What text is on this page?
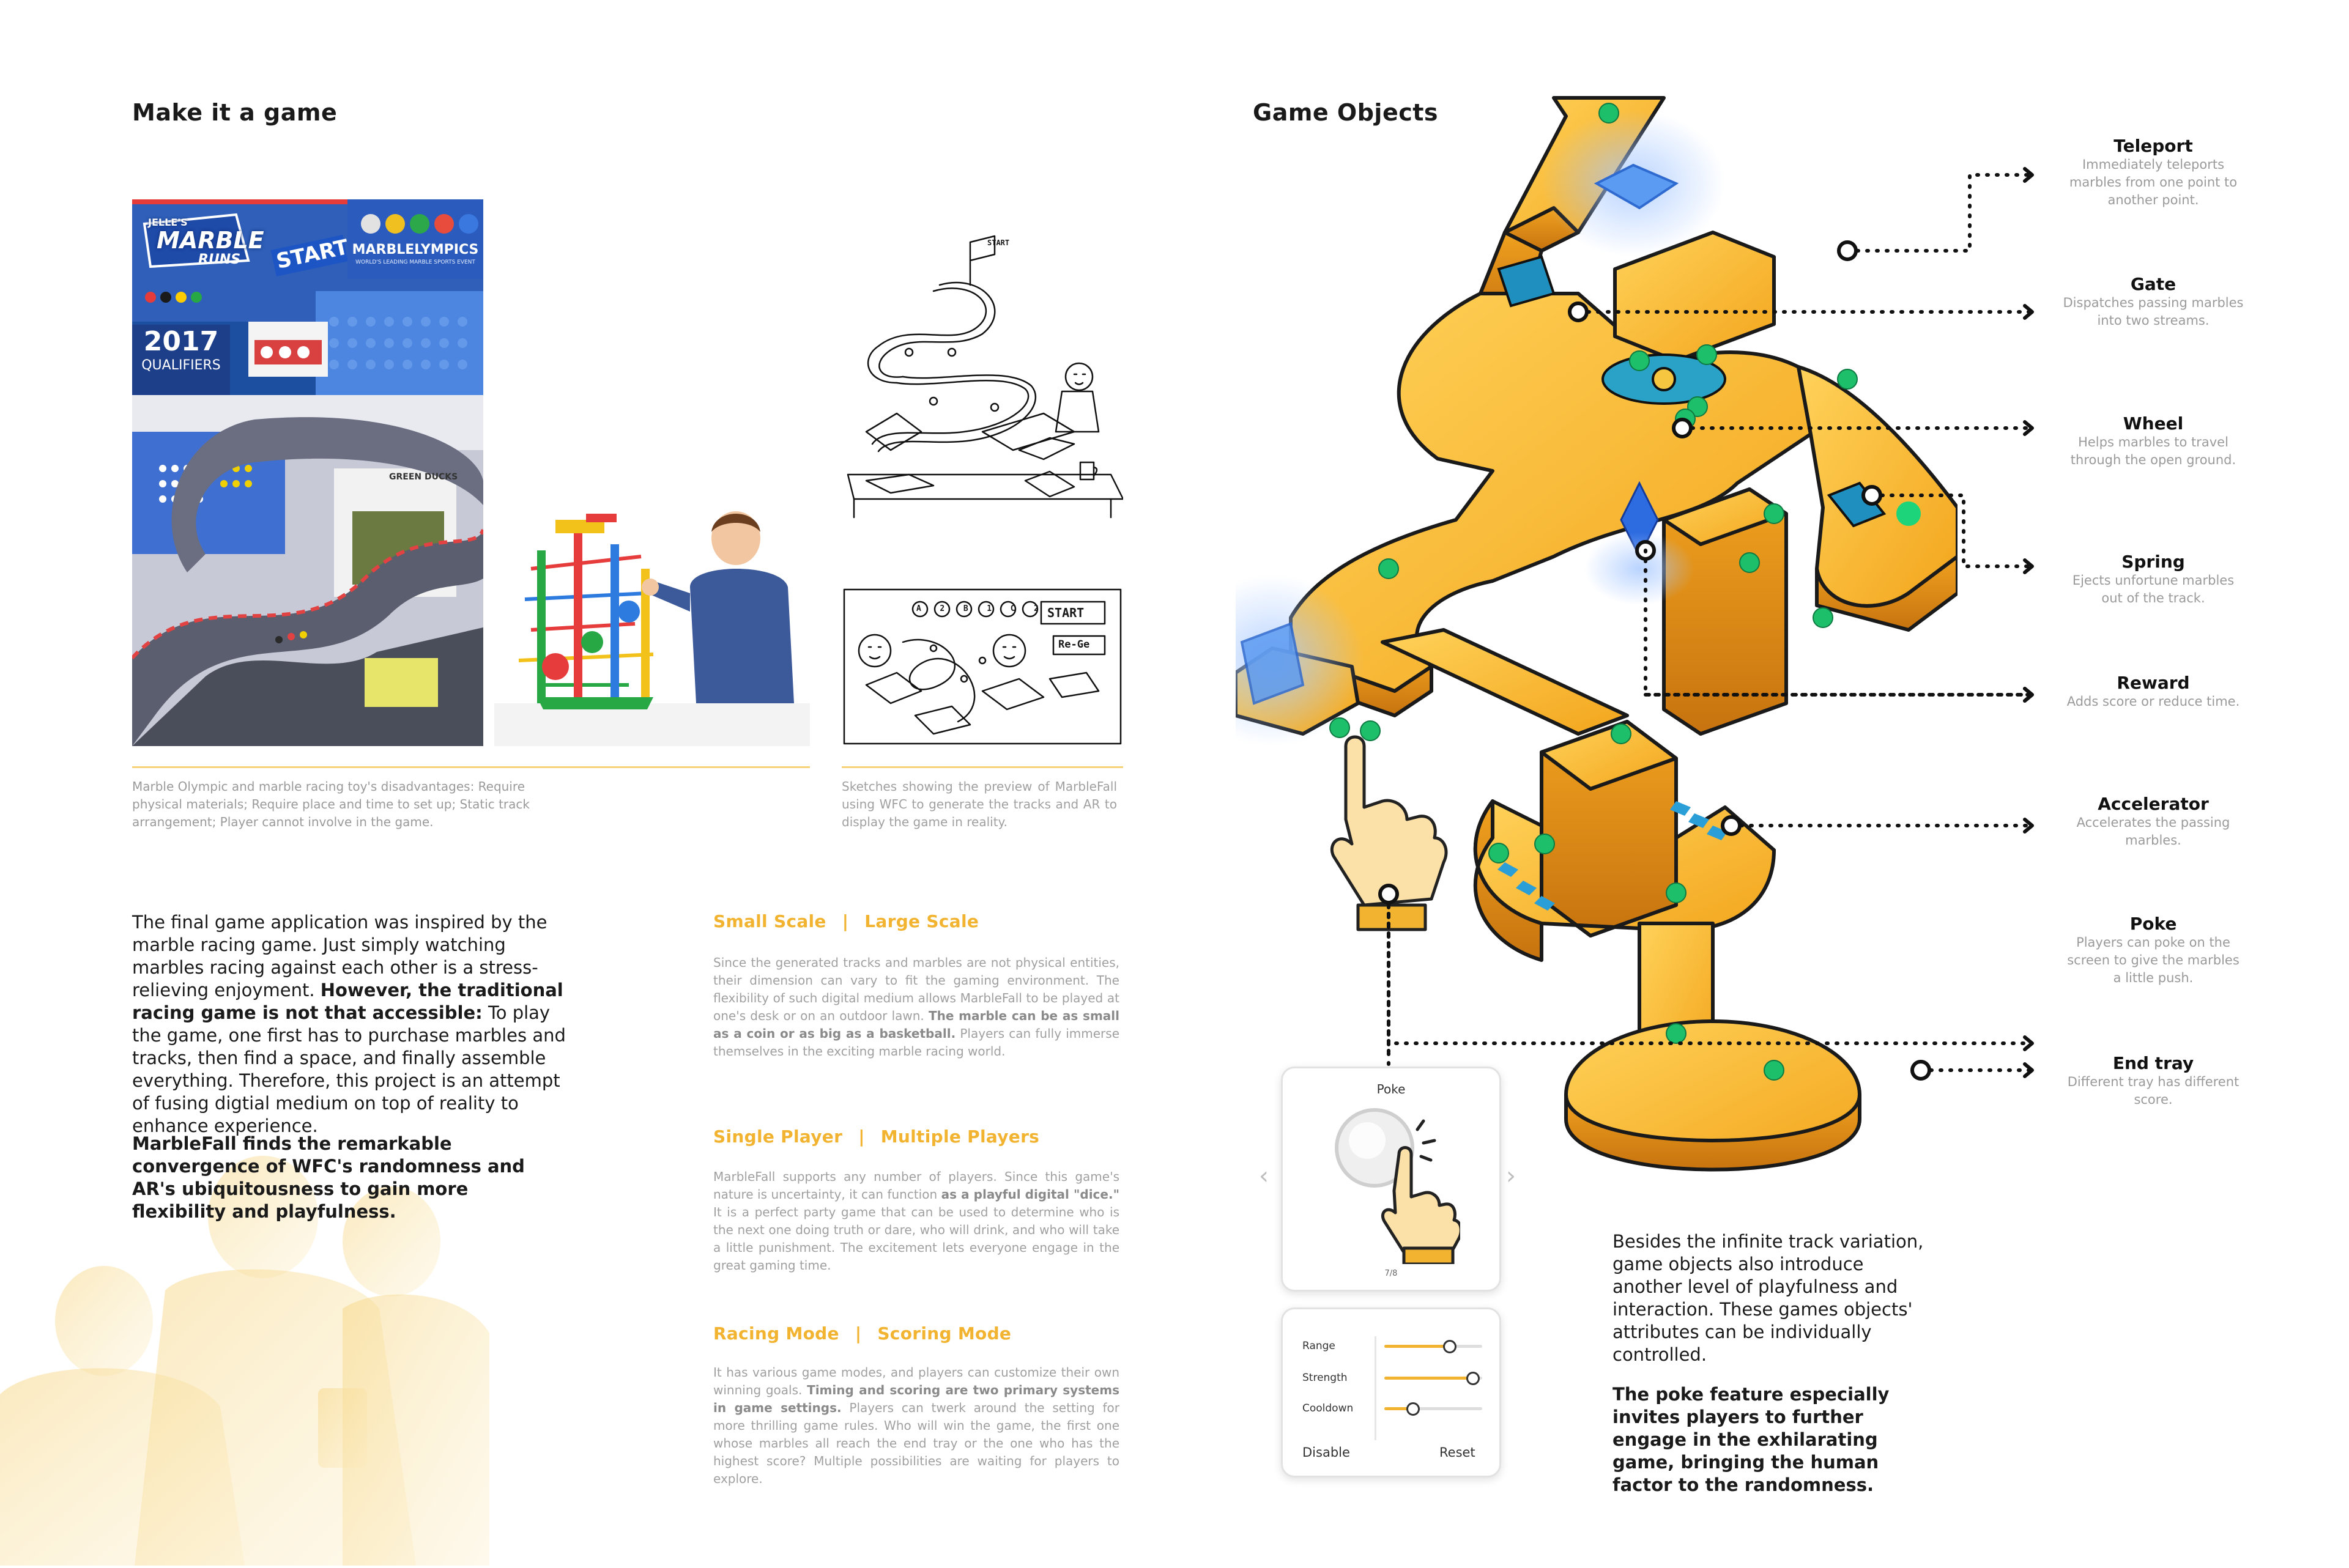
Make it a game
JELLE'S
MARBLE
RUNS START
2017
QUALIFIERS
MARBLELYMPICS
WORLD'S LEADING MARBLE SPORTS EVENT
GREEN DUCKS
Marble Olympic and marble racing toy's disadvantages: Require physical materials; Require place and time to set up; Static track arrangement; Player cannot involve in the game.
START
A 2 B 1 C 2 START
Re-Ge
Sketches showing the preview of MarbleFall using WFC to generate the tracks and AR to display the game in reality.
The final game application was inspired by the marble racing game. Just simply watching marbles racing against each other is a stress-relieving enjoyment. However, the traditional racing game is not that accessible: To play the game, one first has to purchase marbles and tracks, then find a space, and finally assemble everything. Therefore, this project is an attempt of fusing digtial medium on top of reality to enhance experience.
MarbleFall finds the remarkable convergence of WFC's randomness and AR's ubiquitousness to gain more flexibility and playfulness.
Small Scale | Large Scale
Since the generated tracks and marbles are not physical entities, their dimension can vary to fit the gaming environment. The flexibility of such digital medium allows MarbleFall to be played at one's desk or on an outdoor lawn. The marble can be as small as a coin or as big as a basketball. Players can fully immerse themselves in the exciting marble racing world.
Single Player | Multiple Players
MarbleFall supports any number of players. Since this game's nature is uncertainty, it can function as a playful digital "dice." It is a perfect party game that can be used to determine who is the next one doing truth or dare, who will drink, and who will take a little punishment. The excitement lets everyone engage in the great gaming time.
Racing Mode | Scoring Mode
It has various game modes, and players can customize their own winning goals. Timing and scoring are two primary systems in game settings. Players can twerk around the setting for more thrilling game rules. Who will win the game, the first one whose marbles all reach the end tray or the one who has the highest score? Multiple possibilities are waiting for players to explore.
Game Objects
Teleport
Immediately teleports marbles from one point to another point.
Gate
Dispatches passing marbles into two streams.
Wheel
Helps marbles to travel through the open ground.
Spring
Ejects unfortune marbles out of the track.
Reward
Adds score or reduce time.
Accelerator
Accelerates the passing marbles.
Poke
Players can poke on the screen to give the marbles a little push.
End tray
Different tray has different score.
Poke
7/8
‹	›
Range
Strength
Cooldown
Disable	Reset
Besides the infinite track variation, game objects also introduce another level of playfulness and interaction. These games objects' attributes can be individually controlled.
The poke feature especially invites players to further engage in the exhilarating game, bringing the human factor to the randomness.
